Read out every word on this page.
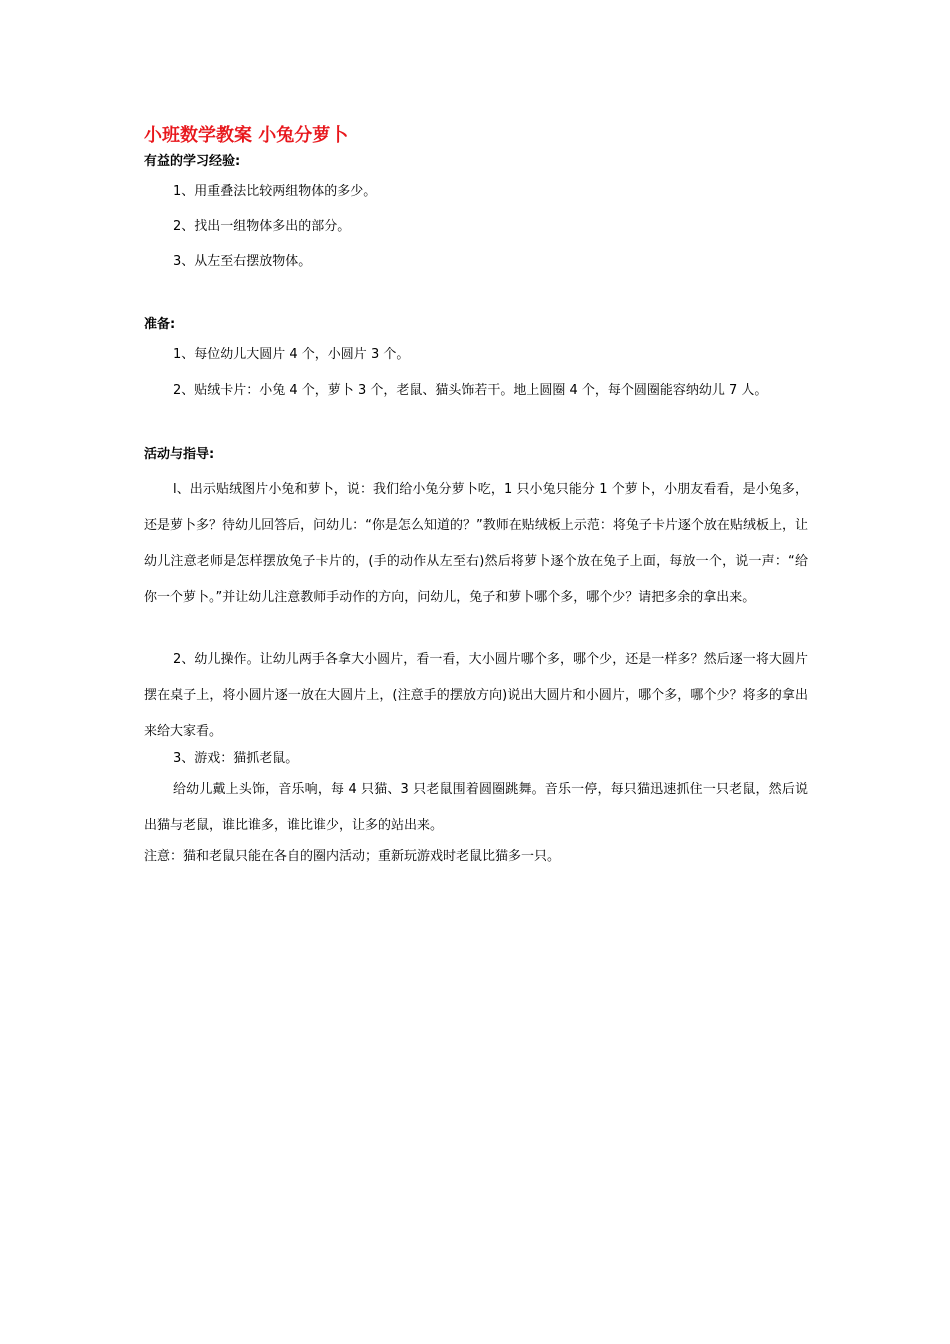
小班数学教案 小兔分萝卜
有益的学习经验:
1、用重叠法比较两组物体的多少。
2、找出一组物体多出的部分。
3、从左至右摆放物体。
准备:
1、每位幼儿大圆片 4 个，小圆片 3 个。
2、贴绒卡片：小兔 4 个，萝卜 3 个，老鼠、猫头饰若干。地上圆圈 4 个，每个圆圈能容纳幼儿 7 人。
活动与指导:
l、出示贴绒图片小兔和萝卜，说：我们给小兔分萝卜吃，1 只小兔只能分 1 个萝卜，小朋友看看，是小兔多，还是萝卜多？待幼儿回答后，问幼儿：“你是怎么知道的？”教师在贴绒板上示范：将兔子卡片逐个放在贴绒板上，让幼儿注意老师是怎样摆放兔子卡片的，(手的动作从左至右)然后将萝卜逐个放在兔子上面，每放一个，说一声：“给你一个萝卜。”并让幼儿注意教师手动作的方向，问幼儿，兔子和萝卜哪个多，哪个少？请把多余的拿出来。
2、幼儿操作。让幼儿两手各拿大小圆片，看一看，大小圆片哪个多，哪个少，还是一样多？然后逐一将大圆片摆在桌子上，将小圆片逐一放在大圆片上，(注意手的摆放方向)说出大圆片和小圆片，哪个多，哪个少？将多的拿出来给大家看。
3、游戏：猫抓老鼠。
给幼儿戴上头饰，音乐响，每 4 只猫、3 只老鼠围着圆圈跳舞。音乐一停，每只猫迅速抓住一只老鼠，然后说出猫与老鼠，谁比谁多，谁比谁少，让多的站出来。
注意：猫和老鼠只能在各自的圈内活动；重新玩游戏时老鼠比猫多一只。
